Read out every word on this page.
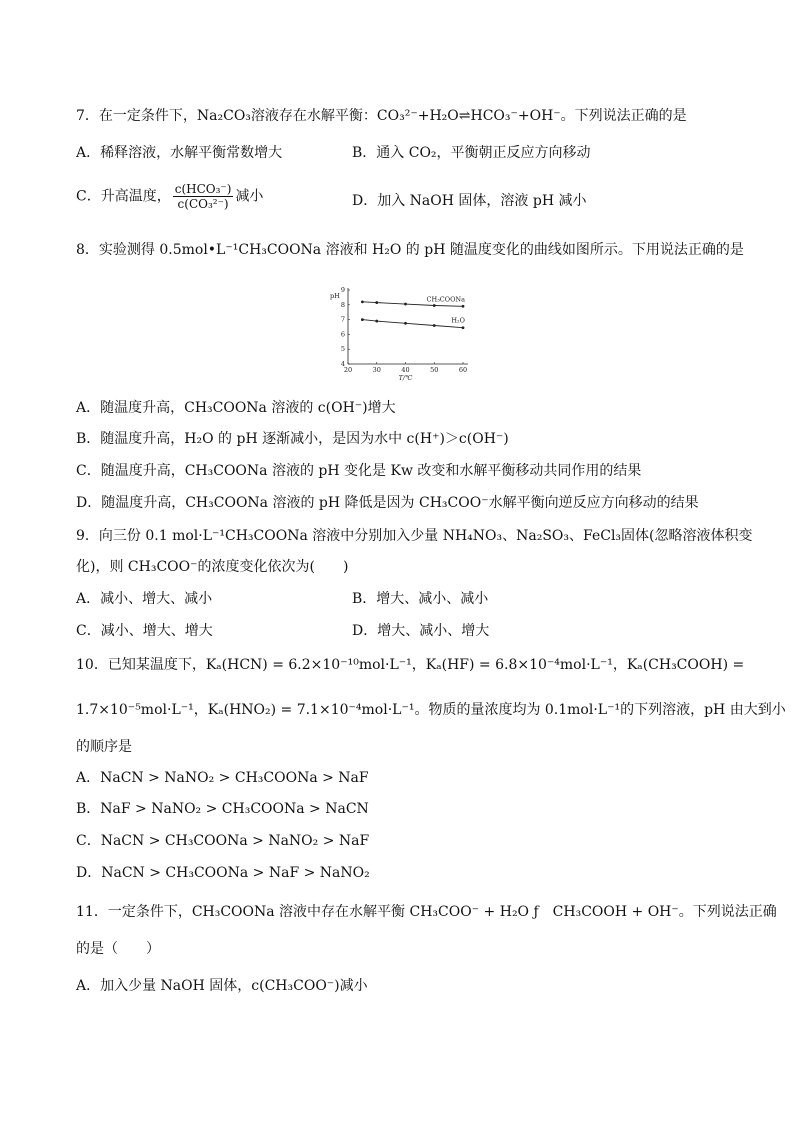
7．在一定条件下，Na₂CO₃溶液存在水解平衡：CO₃²⁻+H₂O⇌HCO₃⁻+OH⁻。下列说法正确的是
A．稀释溶液，水解平衡常数增大	B．通入 CO₂，平衡朝正反应方向移动
C．升高温度， $\frac{\text{c(HCO₃⁻)}}{\text{c(CO₃²⁻)}}$ 减小	D．加入 NaOH 固体，溶液 pH 减小
8．实验测得 0.5mol•L⁻¹CH₃COONa 溶液和 H₂O 的 pH 随温度变化的曲线如图所示。下用说法正确的是
20	30	40	50	60
4
5
6
7
8
9
pH
T/℃
CH₃COONa
H₂O
A．随温度升高，CH₃COONa 溶液的 c(OH⁻)增大
B．随温度升高，H₂O 的 pH 逐渐减小，是因为水中 c(H⁺)＞c(OH⁻)
C．随温度升高，CH₃COONa 溶液的 pH 变化是 Kw 改变和水解平衡移动共同作用的结果
D．随温度升高，CH₃COONa 溶液的 pH 降低是因为 CH₃COO⁻水解平衡向逆反应方向移动的结果
9．向三份 0.1 mol·L⁻¹CH₃COONa 溶液中分别加入少量 NH₄NO₃、Na₂SO₃、FeCl₃固体(忽略溶液体积变
化)，则 CH₃COO⁻的浓度变化依次为(　　)
A．减小、增大、减小	B．增大、减小、减小
C．减小、增大、增大	D．增大、减小、增大
10．已知某温度下，Kₐ(HCN) = 6.2×10⁻¹⁰mol·L⁻¹，Kₐ(HF) = 6.8×10⁻⁴mol·L⁻¹，Kₐ(CH₃COOH) =
1.7×10⁻⁵mol·L⁻¹，Kₐ(HNO₂) = 7.1×10⁻⁴mol·L⁻¹。物质的量浓度均为 0.1mol·L⁻¹的下列溶液，pH 由大到小
的顺序是
A．NaCN > NaNO₂ > CH₃COONa > NaF
B．NaF > NaNO₂ > CH₃COONa > NaCN
C．NaCN > CH₃COONa > NaNO₂ > NaF
D．NaCN > CH₃COONa > NaF > NaNO₂
11．一定条件下，CH₃COONa 溶液中存在水解平衡 CH₃COO⁻ + H₂O ƒ　CH₃COOH + OH⁻。下列说法正确
的是（　　）
A．加入少量 NaOH 固体，c(CH₃COO⁻)减小
